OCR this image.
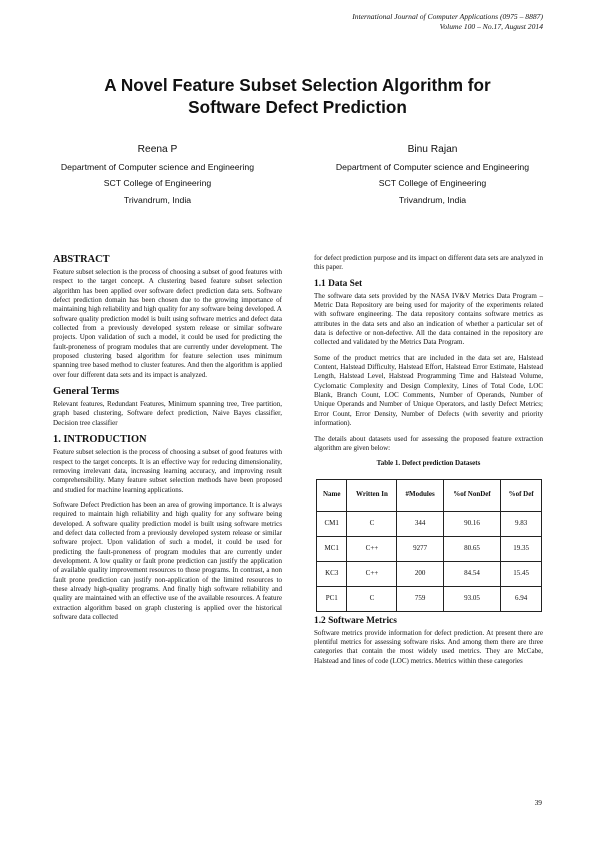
International Journal of Computer Applications (0975 – 8887)
Volume 100 – No.17, August 2014
A Novel Feature Subset Selection Algorithm for
Software Defect Prediction
Reena P
Department of Computer science and Engineering
SCT College of Engineering
Trivandrum, India
Binu Rajan
Department of Computer science and Engineering
SCT College of Engineering
Trivandrum, India
ABSTRACT

Feature subset selection is the process of choosing a subset of good features with respect to the target concept. A clustering based feature subset selection algorithm has been applied over software defect prediction data sets. Software defect prediction domain has been chosen due to the growing importance of maintaining high reliability and high quality for any software being developed. A software quality prediction model is built using software metrics and defect data collected from a previously developed system release or similar software projects. Upon validation of such a model, it could be used for predicting the fault-proneness of program modules that are currently under development. The proposed clustering based algorithm for feature selection uses minimum spanning tree based method to cluster features. And then the algorithm is applied over four different data sets and its impact is analyzed.

General Terms

Relevant features, Redundant Features, Minimum spanning tree, Tree partition, graph based clustering, Software defect prediction, Naive Bayes classifier, Decision tree classifier

1. INTRODUCTION

Feature subset selection is the process of choosing a subset of good features with respect to the target concepts. It is an effective way for reducing dimensionality, removing irrelevant data, increasing learning accuracy, and improving result comprehensibility. Many feature subset selection methods have been proposed and studied for machine learning applications.

Software Defect Prediction has been an area of growing importance. It is always required to maintain high reliability and high quality for any software being developed. A software quality prediction model is built using software metrics and defect data collected from a previously developed system release or similar software project. Upon validation of such a model, it could be used for predicting the fault-proneness of program modules that are currently under development. A low quality or fault prone prediction can justify the application of available quality improvement resources to those programs. In contrast, a non fault prone prediction can justify non-application of the limited resources to these already high-quality programs. And finally high software reliability and quality are maintained with an effective use of the available resources. A feature extraction algorithm based on graph clustering is applied over the historical software data collected

for defect prediction purpose and its impact on different data sets are analyzed in this paper.

1.1 Data Set

The software data sets provided by the NASA IV&V Metrics Data Program – Metric Data Repository are being used for majority of the experiments related with software engineering. The data repository contains software metrics as attributes in the data sets and also an indication of whether a particular set of data is defective or non-defective. All the data contained in the repository are collected and validated by the Metrics Data Program.

Some of the product metrics that are included in the data set are, Halstead Content, Halstead Difficulty, Halstead Effort, Halstead Error Estimate, Halstead Length, Halstead Level, Halstead Programming Time and Halstead Volume, Cyclomatic Complexity and Design Complexity, Lines of Total Code, LOC Blank, Branch Count, LOC Comments, Number of Operands, Number of Unique Operands and Number of Unique Operators, and lastly Defect Metrics; Error Count, Error Density, Number of Defects (with severity and priority information).

The details about datasets used for assessing the proposed feature extraction algorithm are given below:

Table 1. Defect prediction Datasets
Name	Written In	#Modules	%of NonDef	%of Def
CM1	C	344	90.16	9.83
MC1	C++	9277	80.65	19.35
KC3	C++	200	84.54	15.45
PC1	C	759	93.05	6.94
1.2 Software Metrics

Software metrics provide information for defect prediction. At present there are plentiful metrics for assessing software risks. And among them there are three categories that contain the most widely used metrics. They are McCabe, Halstead and lines of code (LOC) metrics. Metrics within these categories

39
